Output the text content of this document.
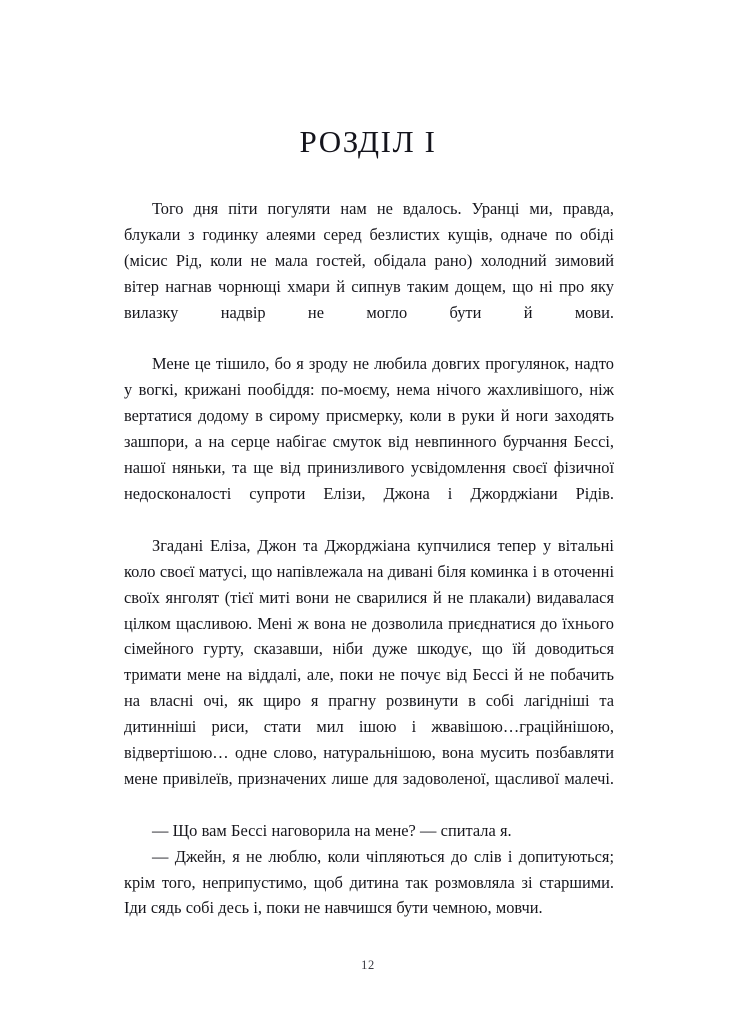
РОЗДІЛ I

Того дня піти погуляти нам не вдалось. Уранці ми, правда, блукали з годинку алеями серед безлистих кущів, одначе по обіді (місис Рід, коли не мала гостей, обідала рано) холодний зимовий вітер нагнав чорнющі хмари й сипнув таким дощем, що ні про яку вилазку надвір не могло бути й мови.

Мене це тішило, бо я зроду не любила довгих прогулянок, надто у вогкі, крижані пообіддя: по-моєму, нема нічого жахливішого, ніж вертатися додому в сирому присмерку, коли в руки й ноги заходять зашпори, а на серце набігає смуток від невпинного бурчання Бессі, нашої няньки, та ще від принизливого усвідомлення своєї фізичної недосконалості супроти Елізи, Джона і Джорджіани Рідів.

Згадані Еліза, Джон та Джорджіана купчилися тепер у вітальні коло своєї матусі, що напівлежала на дивані біля коминка і в оточенні своїх янголят (тієї миті вони не сварилися й не плакали) видавалася цілком щасливою. Мені ж вона не дозволила приєднатися до їхнього сімейного гурту, сказавши, ніби дуже шкодує, що їй доводиться тримати мене на віддалі, але, поки не почує від Бессі й не побачить на власні очі, як щиро я прагну розвинути в собі лагідніші та дитинніші риси, стати мил ішою і жвавішою…граційнішою, відвертішою… одне слово, натуральнішою, вона мусить позбавляти мене привілеїв, призначених лише для задоволеної, щасливої малечі.

— Що вам Бессі наговорила на мене? — спитала я.

— Джейн, я не люблю, коли чіпляються до слів і допитуються; крім того, неприпустимо, щоб дитина так розмовляла зі старшими. Іди сядь собі десь і, поки не навчишся бути чемною, мовчи.

12
